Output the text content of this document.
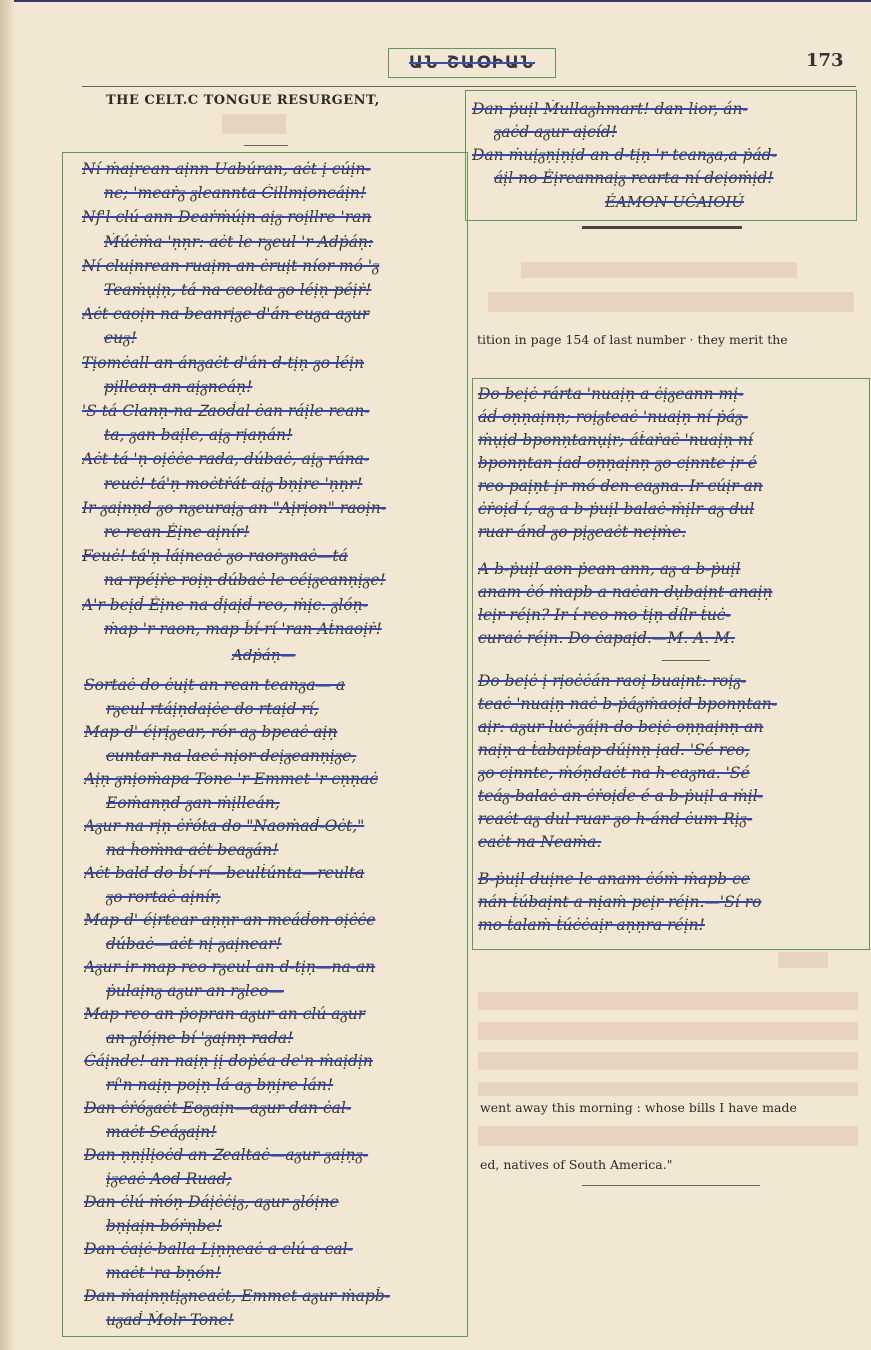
ԱՆ ՇԱՕԻԱՆ	173
THE CELT.C TONGUE RESURGENT,
Ní ṁaịrean aịnn Uabúran, aċt ị cúịn-
ne; 'meaṙᵹ ᵹleannta Ċillmịoncáịn!
Nf'l clú ann Deaṙṁúịn aịᵹ roịllre 'ran
Ṁúċṁa 'ṇṇr: aċt le rᵹeul 'r Adṗáṇ:
Ní cluịnrean ruaịm an ċruịt níor mó 'ᵹ
Teaṁụịṇ, tá na ceolta ᵹo léịṇ péịṙ!
Aċt caoịn na beanrịᵹe d'án euᵹa aᵹur
euᵹ!
Tịomċall an ánᵹaċt d'án d-tịṇ ᵹo léịn
pịlleaṇ an aịᵹneáṇ!
'S tá Clanṇ-na Ꮓaoḋal ċan ráịle rean-
ta, ᵹan baịle, aịᵹ rịaṇán!
Aċt tá 'ṇ oịċċe rada, dúbaċ, aịᵹ rána-
reuċ! tá'ṇ moċtṙát aịᵹ bṇịre 'ṇṇr!
Ir ᵹaịnṇd ᵹo nᵹeuraịᵹ an "Aịrịon" raoịn-
re rean Éịne aịnír!
Feuċ! tá'ṇ láịneaċ ᵹo raorᵹnaċ—tá
na rpéịṙe roịṇ dúbaċ le céịᵹeanṇịᵹe!
A'r beịḋ Éịne na ḋịaịḋ reo, ṁịc. ᵹlóṇ-
ṁap 'r raon, map ḃí-rí 'ran Aṫnaoịṙ!
Adṗáṇ—
Sortaċ do ċuịt an rean teanᵹa— a
rᵹeul rtáịṇdaịċe do rtaịd rí,
Map d' éịrịᵹear, rór aᵹ bpeaċ aịṇ
cuntar na laeċ nịor deịᵹeanṇịᵹe,
Aịṇ ᵹnịoṁapa Tone 'r Emmet 'r cṇṇaċ
Eoṁanṇd ᵹan ṁịlleán,
Aᵹur na rịṇ ċṙóta do "Naoṁaḋ-Oċt,"
na ḣoṁna aċt beaᵹán!
Aċt bald do ḃí-rí—beulṫúnta—reulta
ᵹo rortaċ aịnír,
Map d' éịrtear aṇṇr an meáḋon oịċċe
dúbaċ—aċt nị ᵹaịnear!
Aᵹur ir map reo rᵹeul an d-tịṇ—na-an
ṗulaịnᵹ aᵹur an rᵹleo—
Map reo an ṗopran aᵹur an clú aᵹur
an ᵹlóịne bí 'ᵹaịnṇ rada!
Ċáịnde! an naịṇ ịị doṗéa de'n ṁaịdịn
rí'n naịṇ poịṇ lá aᵹ bṇịre lán!
Dan ċṙóᵹaċt Eoᵹaịn—aᵹur dan ċal-
maċt Seáᵹaịn!
Dan ṇṇịlịoċd an Ꮓealtaċ—aᵹur ᵹaịṇᵹ-
ịᵹeaċ Aod Ruad;
Dan ċlú ṁóṇ Dáịċċịᵹ, aᵹur ᵹlóịne
bṇịaịn bóṙṇbe!
Dan ċaịċ-balla Lịṇṇeaċ a clú a cal-
maċt 'ra bṇón!
Dan ṁaịnṇtịᵹneaċt, Emmet aᵹur ṁapḃ-
uᵹaḋ Ṁolr Tone!
Dan ṗuịl Ṁullaᵹhmart! dan lior, án-
ᵹaċd aᵹur aịcíd!
Dan ṁuịᵹṇịṇịd an d-tịṇ 'r teanᵹa,a ṗád-
áịl no Éịreannaịᵹ rearta ní deịoṁịd!
ÉAMON UĊAIOIÚ
tition in page 154 of last number · they merit the
Do beịċ rárta 'nuaịṇ a ċịᵹeann mị-
áḋ oṇṇaịnṇ; roịᵹteaċ 'nuaịṇ ní ṗáᵹ-
ṁụịd bponṇtanụịr; áṫaṙaċ 'nuaịṇ ní
bponṇtan ịad oṇṇaịnṇ ᵹo cịnnte ịr é
reo paịṇt ịr mó den eaᵹna. Ir cúịr an
ċṙoịḋ í, aᵹ a b-ṗuịl balaċ-ṁịlr aᵹ dul
ruar ánd ᵹo pịᵹeaċt neịṁe.
A b-ṗuịl aon ṗean ann, aᵹ a b-ṗuịl
anam ċó ṁapb a naċan dụbaịnt anaịṇ
leịr réịn? Ir í reo mo ṫịṇ ḋílr ṫuċ-
curaċ réịn. Do ċapaịd.—M. A. M.
Do beịċ ị rịoċċán raoị buaịnt: roịᵹ-
teaċ 'nuaịṇ naċ b-ṗáᵹṁaoịd bponṇtan-
aịr: aᵹur luċ-ᵹáịn do beịċ oṇṇaịnṇ an
naịṇ a ṫabapṫap dúịnṇ ịad. 'Sé reo,
ᵹo cịnnte, ṁóṇdaċt na h-eaᵹna. 'Sé
teáᵹ-balaċ an ċṙoịḋe é a b-ṗuịl a ṁịl-
reaċt aᵹ dul ruar ᵹo h-ánd ċum Rịᵹ-
eaċt na Neaṁa.
B-ṗuịl duịne le anam ċóṁ ṁapb ce
nán ṫúbaịnt a nịaṁ peịr réịn.—'Sí ro
mo ṫalaṁ ṫúċċaịr aṇṇra réịn!
went away this morning : whose bills I have made
ed, natives of South America."
